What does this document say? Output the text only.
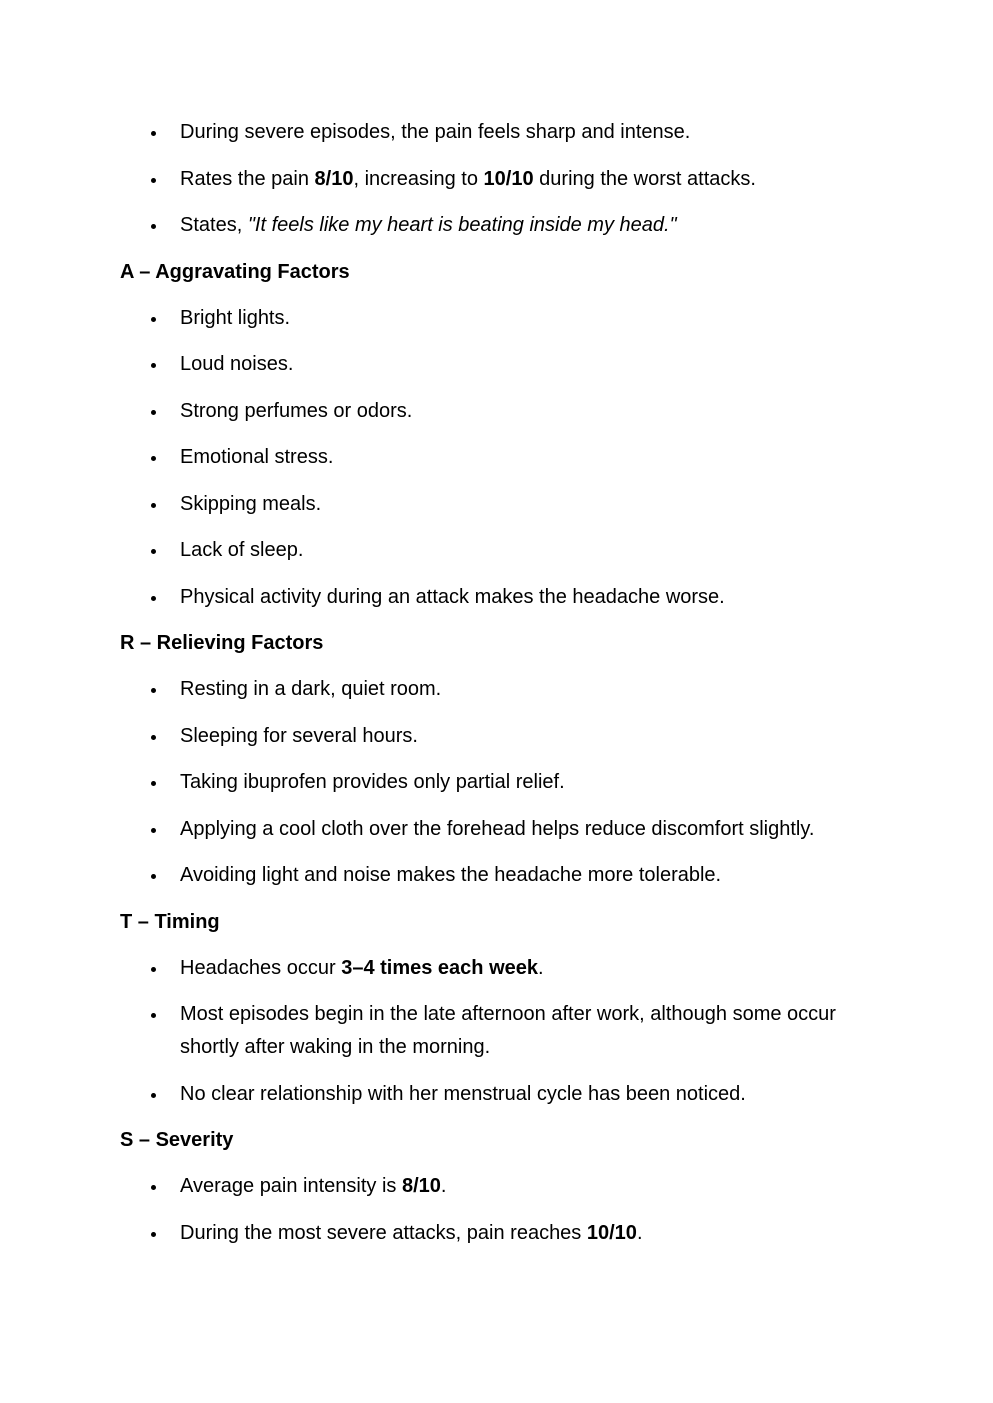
During severe episodes, the pain feels sharp and intense.
Rates the pain 8/10, increasing to 10/10 during the worst attacks.
States, "It feels like my heart is beating inside my head."
A – Aggravating Factors
Bright lights.
Loud noises.
Strong perfumes or odors.
Emotional stress.
Skipping meals.
Lack of sleep.
Physical activity during an attack makes the headache worse.
R – Relieving Factors
Resting in a dark, quiet room.
Sleeping for several hours.
Taking ibuprofen provides only partial relief.
Applying a cool cloth over the forehead helps reduce discomfort slightly.
Avoiding light and noise makes the headache more tolerable.
T – Timing
Headaches occur 3–4 times each week.
Most episodes begin in the late afternoon after work, although some occur shortly after waking in the morning.
No clear relationship with her menstrual cycle has been noticed.
S – Severity
Average pain intensity is 8/10.
During the most severe attacks, pain reaches 10/10.
